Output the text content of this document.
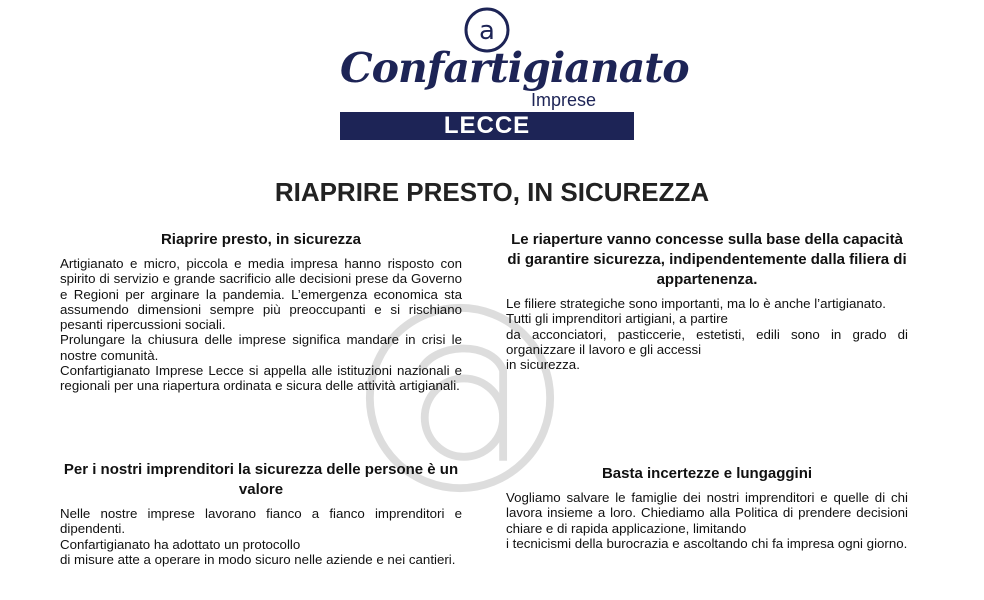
a
Confartigianato
Imprese
LECCE
RIAPRIRE PRESTO, IN SICUREZZA
Riaprire presto, in sicurezza

Artigianato e micro, piccola e media impresa hanno risposto con spirito di servizio e grande sacrificio alle decisioni prese da Governo e Regioni per arginare la pandemia. L’emergenza economica sta assumendo dimensioni sempre più preoccupanti e si rischiano pesanti ripercussioni sociali.

Prolungare la chiusura delle imprese significa mandare in crisi le nostre comunità.

Confartigianato Imprese Lecce si appella alle istituzioni nazionali e regionali per una riapertura ordinata e sicura delle attività artigianali.

Le riaperture vanno concesse sulla base della capacità di garantire sicurezza, indipendentemente dalla filiera di appartenenza.

Le filiere strategiche sono importanti, ma lo è anche l’artigianato.

Tutti gli imprenditori artigiani, a partire

da acconciatori, pasticcerie, estetisti, edili sono in grado di organizzare il lavoro e gli accessi

in sicurezza.

Per i nostri imprenditori la sicurezza delle persone è un valore

Nelle nostre imprese lavorano fianco a fianco imprenditori e dipendenti.

Confartigianato ha adottato un protocollo

di misure atte a operare in modo sicuro nelle aziende e nei cantieri.

Basta incertezze e lungaggini

Vogliamo salvare le famiglie dei nostri imprenditori e quelle di chi lavora insieme a loro. Chiediamo alla Politica di prendere decisioni chiare e di rapida applicazione, limitando

i tecnicismi della burocrazia e ascoltando chi fa impresa ogni giorno.
